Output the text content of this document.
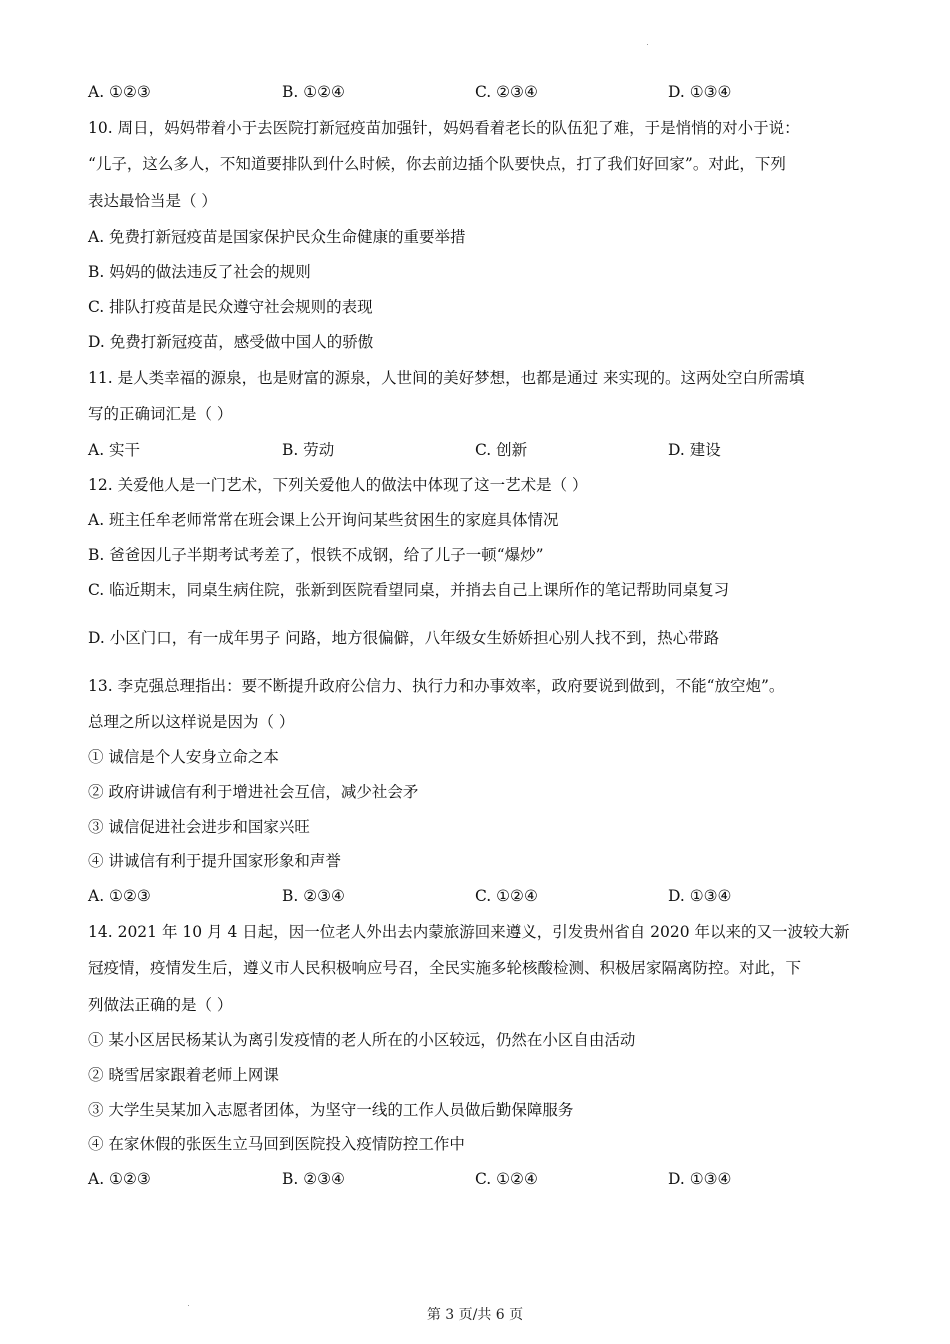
A. ①②③	B. ①②④	C. ②③④	D. ①③④
10. 周日，妈妈带着小于去医院打新冠疫苗加强针，妈妈看着老长的队伍犯了难，于是悄悄的对小于说：
“儿子，这么多人，不知道要排队到什么时候，你去前边插个队要快点，打了我们好回家”。对此，下列
表达最恰当是（ ）
A. 免费打新冠疫苗是国家保护民众生命健康的重要举措
B. 妈妈的做法违反了社会的规则
C. 排队打疫苗是民众遵守社会规则的表现
D. 免费打新冠疫苗，感受做中国人的骄傲
11. 是人类幸福的源泉，也是财富的源泉，人世间的美好梦想，也都是通过 来实现的。这两处空白所需填
写的正确词汇是（ ）
A. 实干	B. 劳动	C. 创新	D. 建设
12. 关爱他人是一门艺术，下列关爱他人的做法中体现了这一艺术是（ ）
A. 班主任牟老师常常在班会课上公开询问某些贫困生的家庭具体情况
B. 爸爸因儿子半期考试考差了，恨铁不成钢，给了儿子一顿“爆炒”
C. 临近期末，同桌生病住院，张新到医院看望同桌，并捎去自己上课所作的笔记帮助同桌复习
D. 小区门口，有一成年男子 问路，地方很偏僻，八年级女生娇娇担心别人找不到，热心带路
13. 李克强总理指出：要不断提升政府公信力、执行力和办事效率，政府要说到做到，不能“放空炮”。
总理之所以这样说是因为（ ）
① 诚信是个人安身立命之本
② 政府讲诚信有利于增进社会互信，减少社会矛
③ 诚信促进社会进步和国家兴旺
④ 讲诚信有利于提升国家形象和声誉
A. ①②③	B. ②③④	C. ①②④	D. ①③④
14. 2021 年 10 月 4 日起，因一位老人外出去内蒙旅游回来遵义，引发贵州省自 2020 年以来的又一波较大新
冠疫情，疫情发生后，遵义市人民积极响应号召，全民实施多轮核酸检测、积极居家隔离防控。对此，下
列做法正确的是（ ）
① 某小区居民杨某认为离引发疫情的老人所在的小区较远，仍然在小区自由活动
② 晓雪居家跟着老师上网课
③ 大学生吴某加入志愿者团体，为坚守一线的工作人员做后勤保障服务
④ 在家休假的张医生立马回到医院投入疫情防控工作中
A. ①②③	B. ②③④	C. ①②④	D. ①③④
第 3 页/共 6 页
